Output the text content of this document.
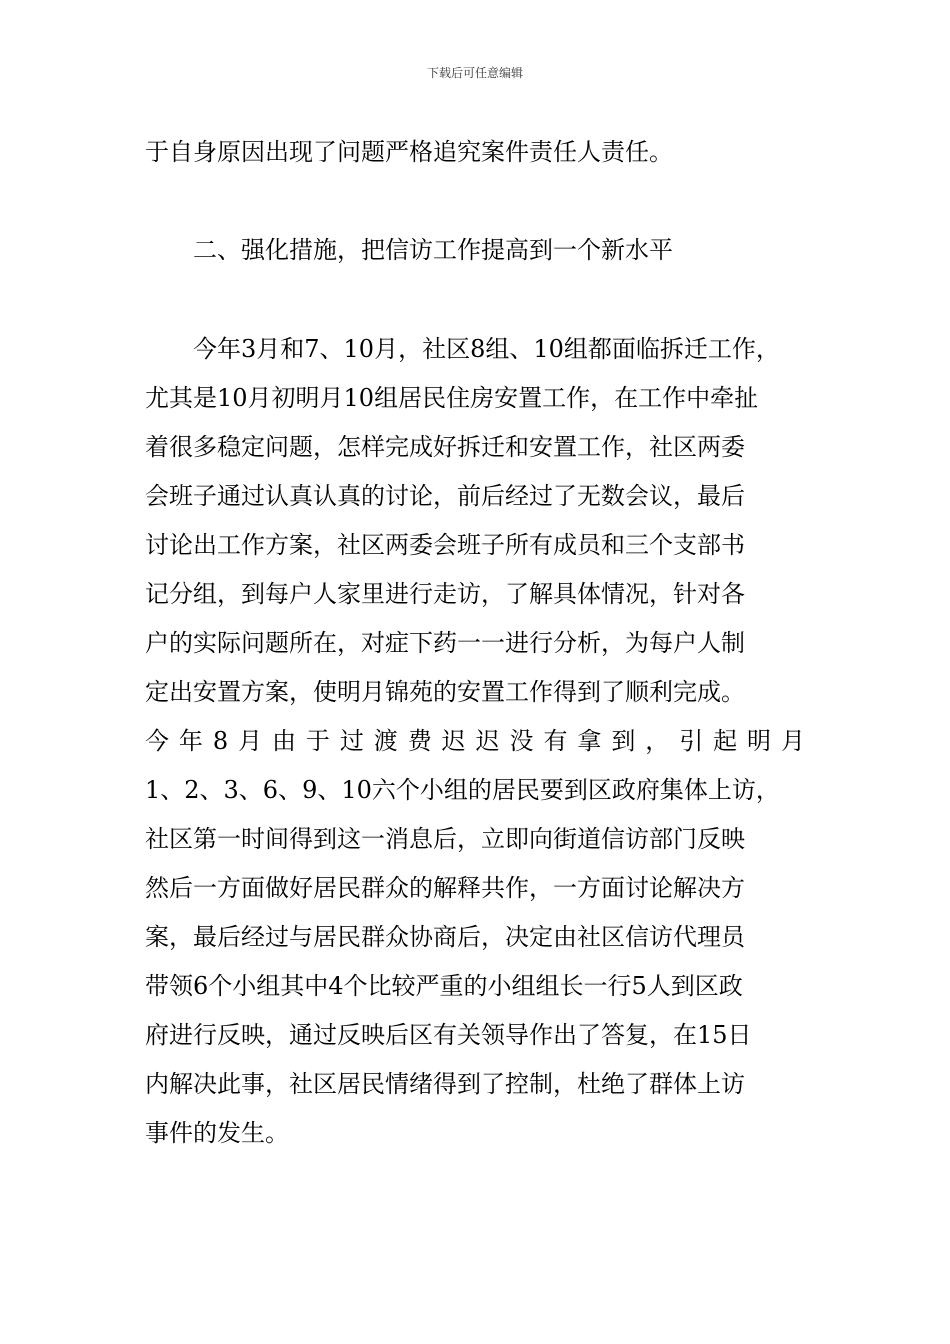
下载后可任意编辑
于自身原因出现了问题严格追究案件责任人责任。
二、强化措施，把信访工作提高到一个新水平
今年3月和7、10月，社区8组、10组都面临拆迁工作，
尤其是10月初明月10组居民住房安置工作，在工作中牵扯
着很多稳定问题，怎样完成好拆迁和安置工作，社区两委
会班子通过认真认真的讨论，前后经过了无数会议，最后
讨论出工作方案，社区两委会班子所有成员和三个支部书
记分组，到每户人家里进行走访，了解具体情况，针对各
户的实际问题所在，对症下药一一进行分析，为每户人制
定出安置方案，使明月锦苑的安置工作得到了顺利完成。
今年8月由于过渡费迟迟没有拿到，引起明月
1、2、3、6、9、10六个小组的居民要到区政府集体上访，
社区第一时间得到这一消息后，立即向街道信访部门反映
然后一方面做好居民群众的解释共作，一方面讨论解决方
案，最后经过与居民群众协商后，决定由社区信访代理员
带领6个小组其中4个比较严重的小组组长一行5人到区政
府进行反映，通过反映后区有关领导作出了答复，在15日
内解决此事，社区居民情绪得到了控制，杜绝了群体上访
事件的发生。
